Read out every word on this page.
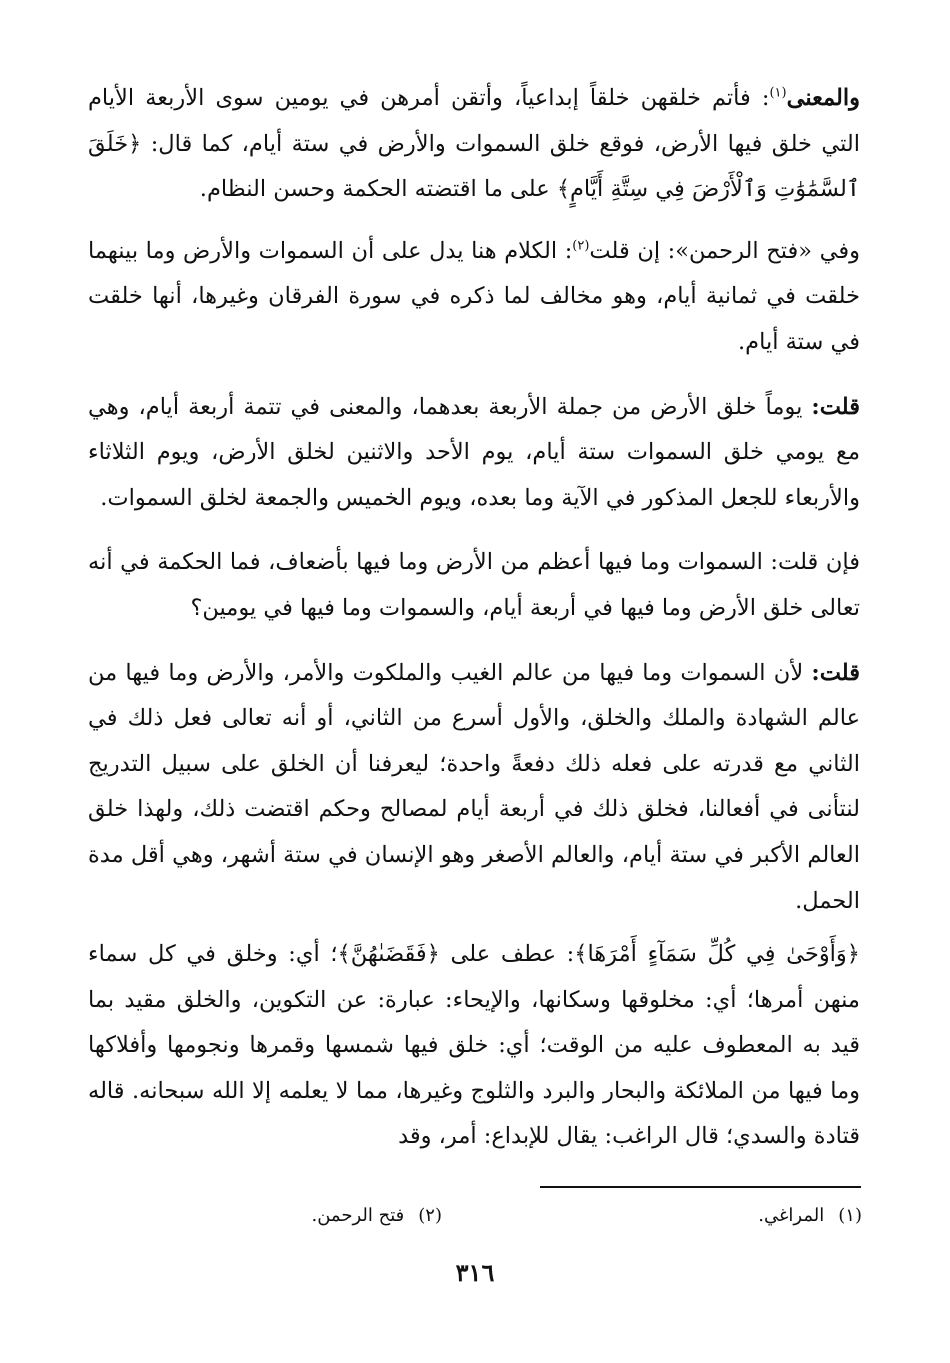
والمعنى$^{(١)}$: فأتم خلقهن خلقاً إبداعياً، وأتقن أمرهن في يومين سوى الأربعة الأيام التي خلق فيها الأرض، فوقع خلق السموات والأرض في ستة أيام، كما قال: ﴿خَلَقَ ٱلسَّمَٰوَٰتِ وَٱلْأَرْضَ فِي سِتَّةِ أَيَّامٍ﴾ على ما اقتضته الحكمة وحسن النظام.

وفي «فتح الرحمن»: إن قلت$^{(٢)}$: الكلام هنا يدل على أن السموات والأرض وما بينهما خلقت في ثمانية أيام، وهو مخالف لما ذكره في سورة الفرقان وغيرها، أنها خلقت في ستة أيام.

قلت: يوماً خلق الأرض من جملة الأربعة بعدهما، والمعنى في تتمة أربعة أيام، وهي مع يومي خلق السموات ستة أيام، يوم الأحد والاثنين لخلق الأرض، ويوم الثلاثاء والأربعاء للجعل المذكور في الآية وما بعده، ويوم الخميس والجمعة لخلق السموات.

فإن قلت: السموات وما فيها أعظم من الأرض وما فيها بأضعاف، فما الحكمة في أنه تعالى خلق الأرض وما فيها في أربعة أيام، والسموات وما فيها في يومين؟

قلت: لأن السموات وما فيها من عالم الغيب والملكوت والأمر، والأرض وما فيها من عالم الشهادة والملك والخلق، والأول أسرع من الثاني، أو أنه تعالى فعل ذلك في الثاني مع قدرته على فعله ذلك دفعةً واحدة؛ ليعرفنا أن الخلق على سبيل التدريج لنتأنى في أفعالنا، فخلق ذلك في أربعة أيام لمصالح وحكم اقتضت ذلك، ولهذا خلق العالم الأكبر في ستة أيام، والعالم الأصغر وهو الإنسان في ستة أشهر، وهي أقل مدة الحمل.

﴿وَأَوْحَىٰ فِي كُلِّ سَمَآءٍ أَمْرَهَا﴾: عطف على ﴿فَقَضَىٰهُنَّ﴾؛ أي: وخلق في كل سماء منهن أمرها؛ أي: مخلوقها وسكانها، والإيحاء: عبارة: عن التكوين، والخلق مقيد بما قيد به المعطوف عليه من الوقت؛ أي: خلق فيها شمسها وقمرها ونجومها وأفلاكها وما فيها من الملائكة والبحار والبرد والثلوج وغيرها، مما لا يعلمه إلا الله سبحانه. قاله قتادة والسدي؛ قال الراغب: يقال للإبداع: أمر، وقد

(١)المراغي.
(٢)فتح الرحمن.
٣١٦
